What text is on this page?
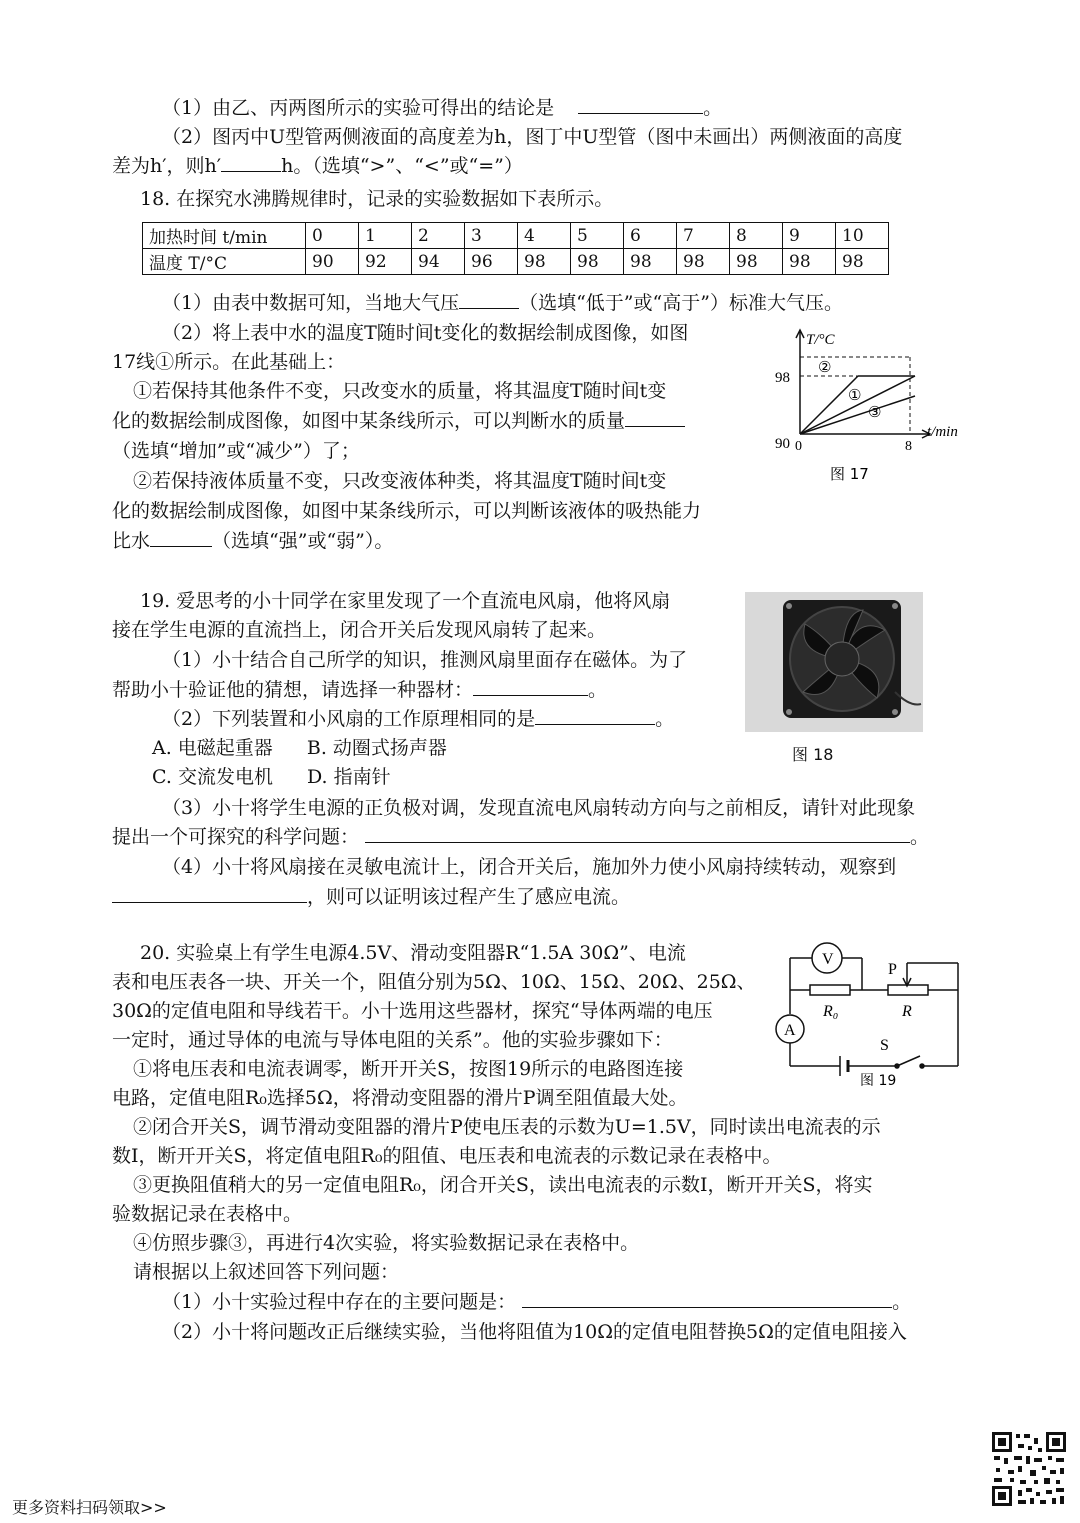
（1）由乙、丙两图所示的实验可得出的结论是	。
（2）图丙中U型管两侧液面的高度差为h，图丁中U型管（图中未画出）两侧液面的高度
差为h′，则h′	h。（选填“>”、“<”或“=”）
18. 在探究水沸腾规律时，记录的实验数据如下表所示。
加热时间 t/min	0	1	2	3	4	5	6	7	8	9	10
温度 T/°C	90	92	94	96	98	98	98	98	98	98	98
（1）由表中数据可知，当地大气压	（选填“低于”或“高于”）标准大气压。
（2）将上表中水的温度T随时间t变化的数据绘制成图像，如图
17线①所示。在此基础上：
①若保持其他条件不变，只改变水的质量，将其温度T随时间t变
化的数据绘制成图像，如图中某条线所示，可以判断水的质量
（选填“增加”或“减少”）了；
②若保持液体质量不变，只改变液体种类，将其温度T随时间t变
化的数据绘制成图像，如图中某条线所示，可以判断该液体的吸热能力
比水	（选填“强”或“弱”）。
T/°C
t/min
98
90 0	8
①
②
③
图 17
19. 爱思考的小十同学在家里发现了一个直流电风扇，他将风扇
接在学生电源的直流挡上，闭合开关后发现风扇转了起来。
（1）小十结合自己所学的知识，推测风扇里面存在磁体。为了
帮助小十验证他的猜想，请选择一种器材：	。
（2）下列装置和小风扇的工作原理相同的是	。
A. 电磁起重器 B. 动圈式扬声器
C. 交流发电机 D. 指南针
（3）小十将学生电源的正负极对调，发现直流电风扇转动方向与之前相反，请针对此现象
提出一个可探究的科学问题：	。
（4）小十将风扇接在灵敏电流计上，闭合开关后，施加外力使小风扇持续转动，观察到
，则可以证明该过程产生了感应电流。
图 18
20. 实验桌上有学生电源4.5V、滑动变阻器R“1.5A 30Ω”、电流
表和电压表各一块、开关一个，阻值分别为5Ω、10Ω、15Ω、20Ω、25Ω、
30Ω的定值电阻和导线若干。小十选用这些器材，探究“导体两端的电压
一定时，通过导体的电流与导体电阻的关系”。他的实验步骤如下：
①将电压表和电流表调零，断开开关S，按图19所示的电路图连接
电路，定值电阻R₀选择5Ω，将滑动变阻器的滑片P调至阻值最大处。
②闭合开关S，调节滑动变阻器的滑片P使电压表的示数为U=1.5V，同时读出电流表的示
数I，断开开关S，将定值电阻R₀的阻值、电压表和电流表的示数记录在表格中。
③更换阻值稍大的另一定值电阻R₀，闭合开关S，读出电流表的示数I，断开开关S，将实
验数据记录在表格中。
④仿照步骤③，再进行4次实验，将实验数据记录在表格中。
请根据以上叙述回答下列问题：
（1）小十实验过程中存在的主要问题是：	。
（2）小十将问题改正后继续实验，当他将阻值为10Ω的定值电阻替换5Ω的定值电阻接入
V
A
P
R₀	R
S
图 19
更多资料扫码领取>>
